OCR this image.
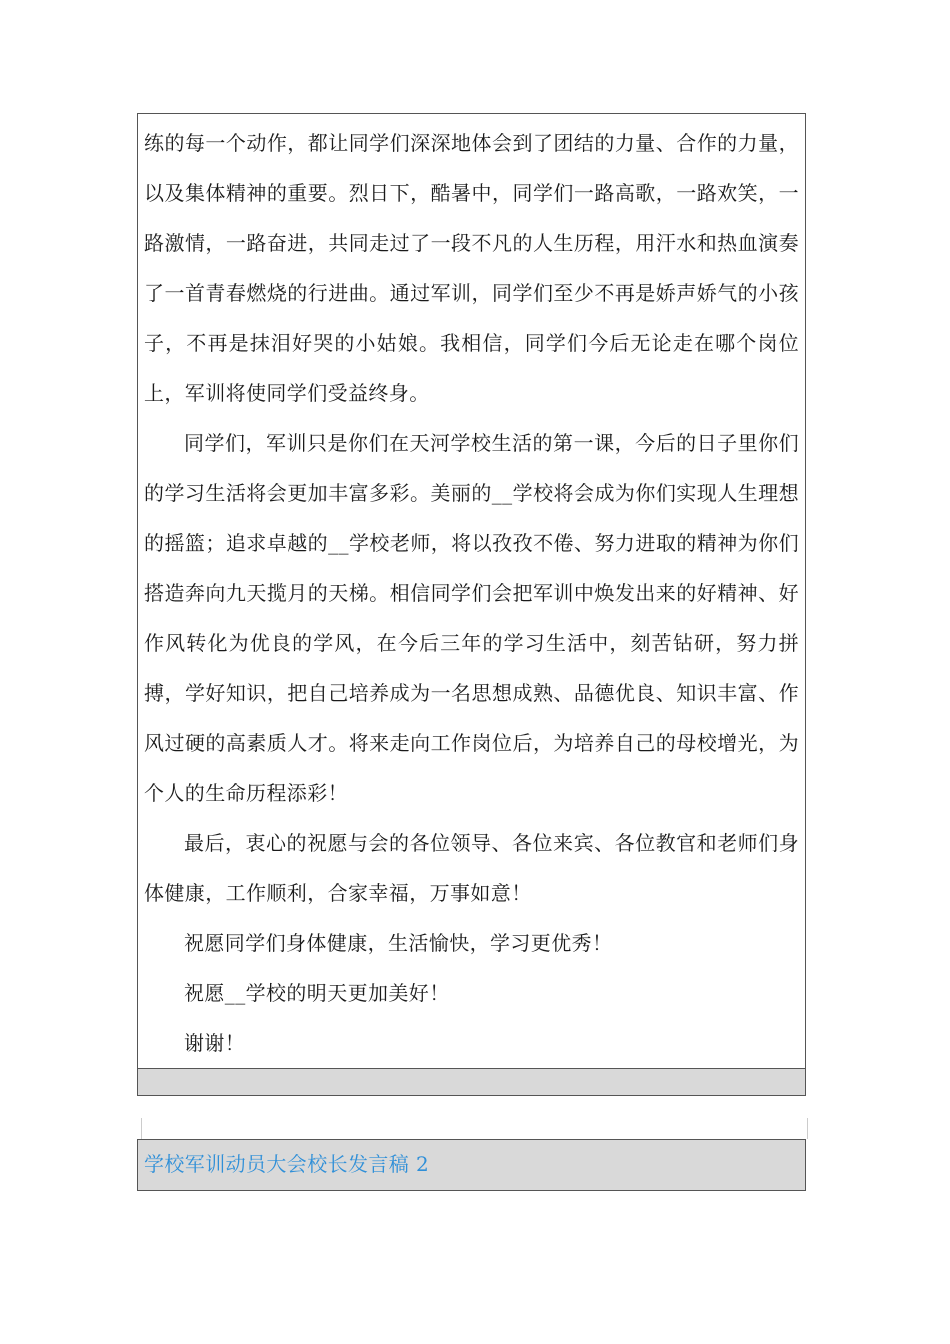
练的每一个动作，都让同学们深深地体会到了团结的力量、合作的力量，以及集体精神的重要。烈日下，酷暑中，同学们一路高歌，一路欢笑，一路激情，一路奋进，共同走过了一段不凡的人生历程，用汗水和热血演奏了一首青春燃烧的行进曲。通过军训，同学们至少不再是娇声娇气的小孩子，不再是抹泪好哭的小姑娘。我相信，同学们今后无论走在哪个岗位上，军训将使同学们受益终身。

同学们，军训只是你们在天河学校生活的第一课，今后的日子里你们的学习生活将会更加丰富多彩。美丽的__学校将会成为你们实现人生理想的摇篮；追求卓越的__学校老师，将以孜孜不倦、努力进取的精神为你们搭造奔向九天揽月的天梯。相信同学们会把军训中焕发出来的好精神、好作风转化为优良的学风，在今后三年的学习生活中，刻苦钻研，努力拼搏，学好知识，把自己培养成为一名思想成熟、品德优良、知识丰富、作风过硬的高素质人才。将来走向工作岗位后，为培养自己的母校增光，为个人的生命历程添彩！

最后，衷心的祝愿与会的各位领导、各位来宾、各位教官和老师们身体健康，工作顺利，合家幸福，万事如意！

祝愿同学们身体健康，生活愉快，学习更优秀！

祝愿__学校的明天更加美好！

谢谢！

学校军训动员大会校长发言稿 2
